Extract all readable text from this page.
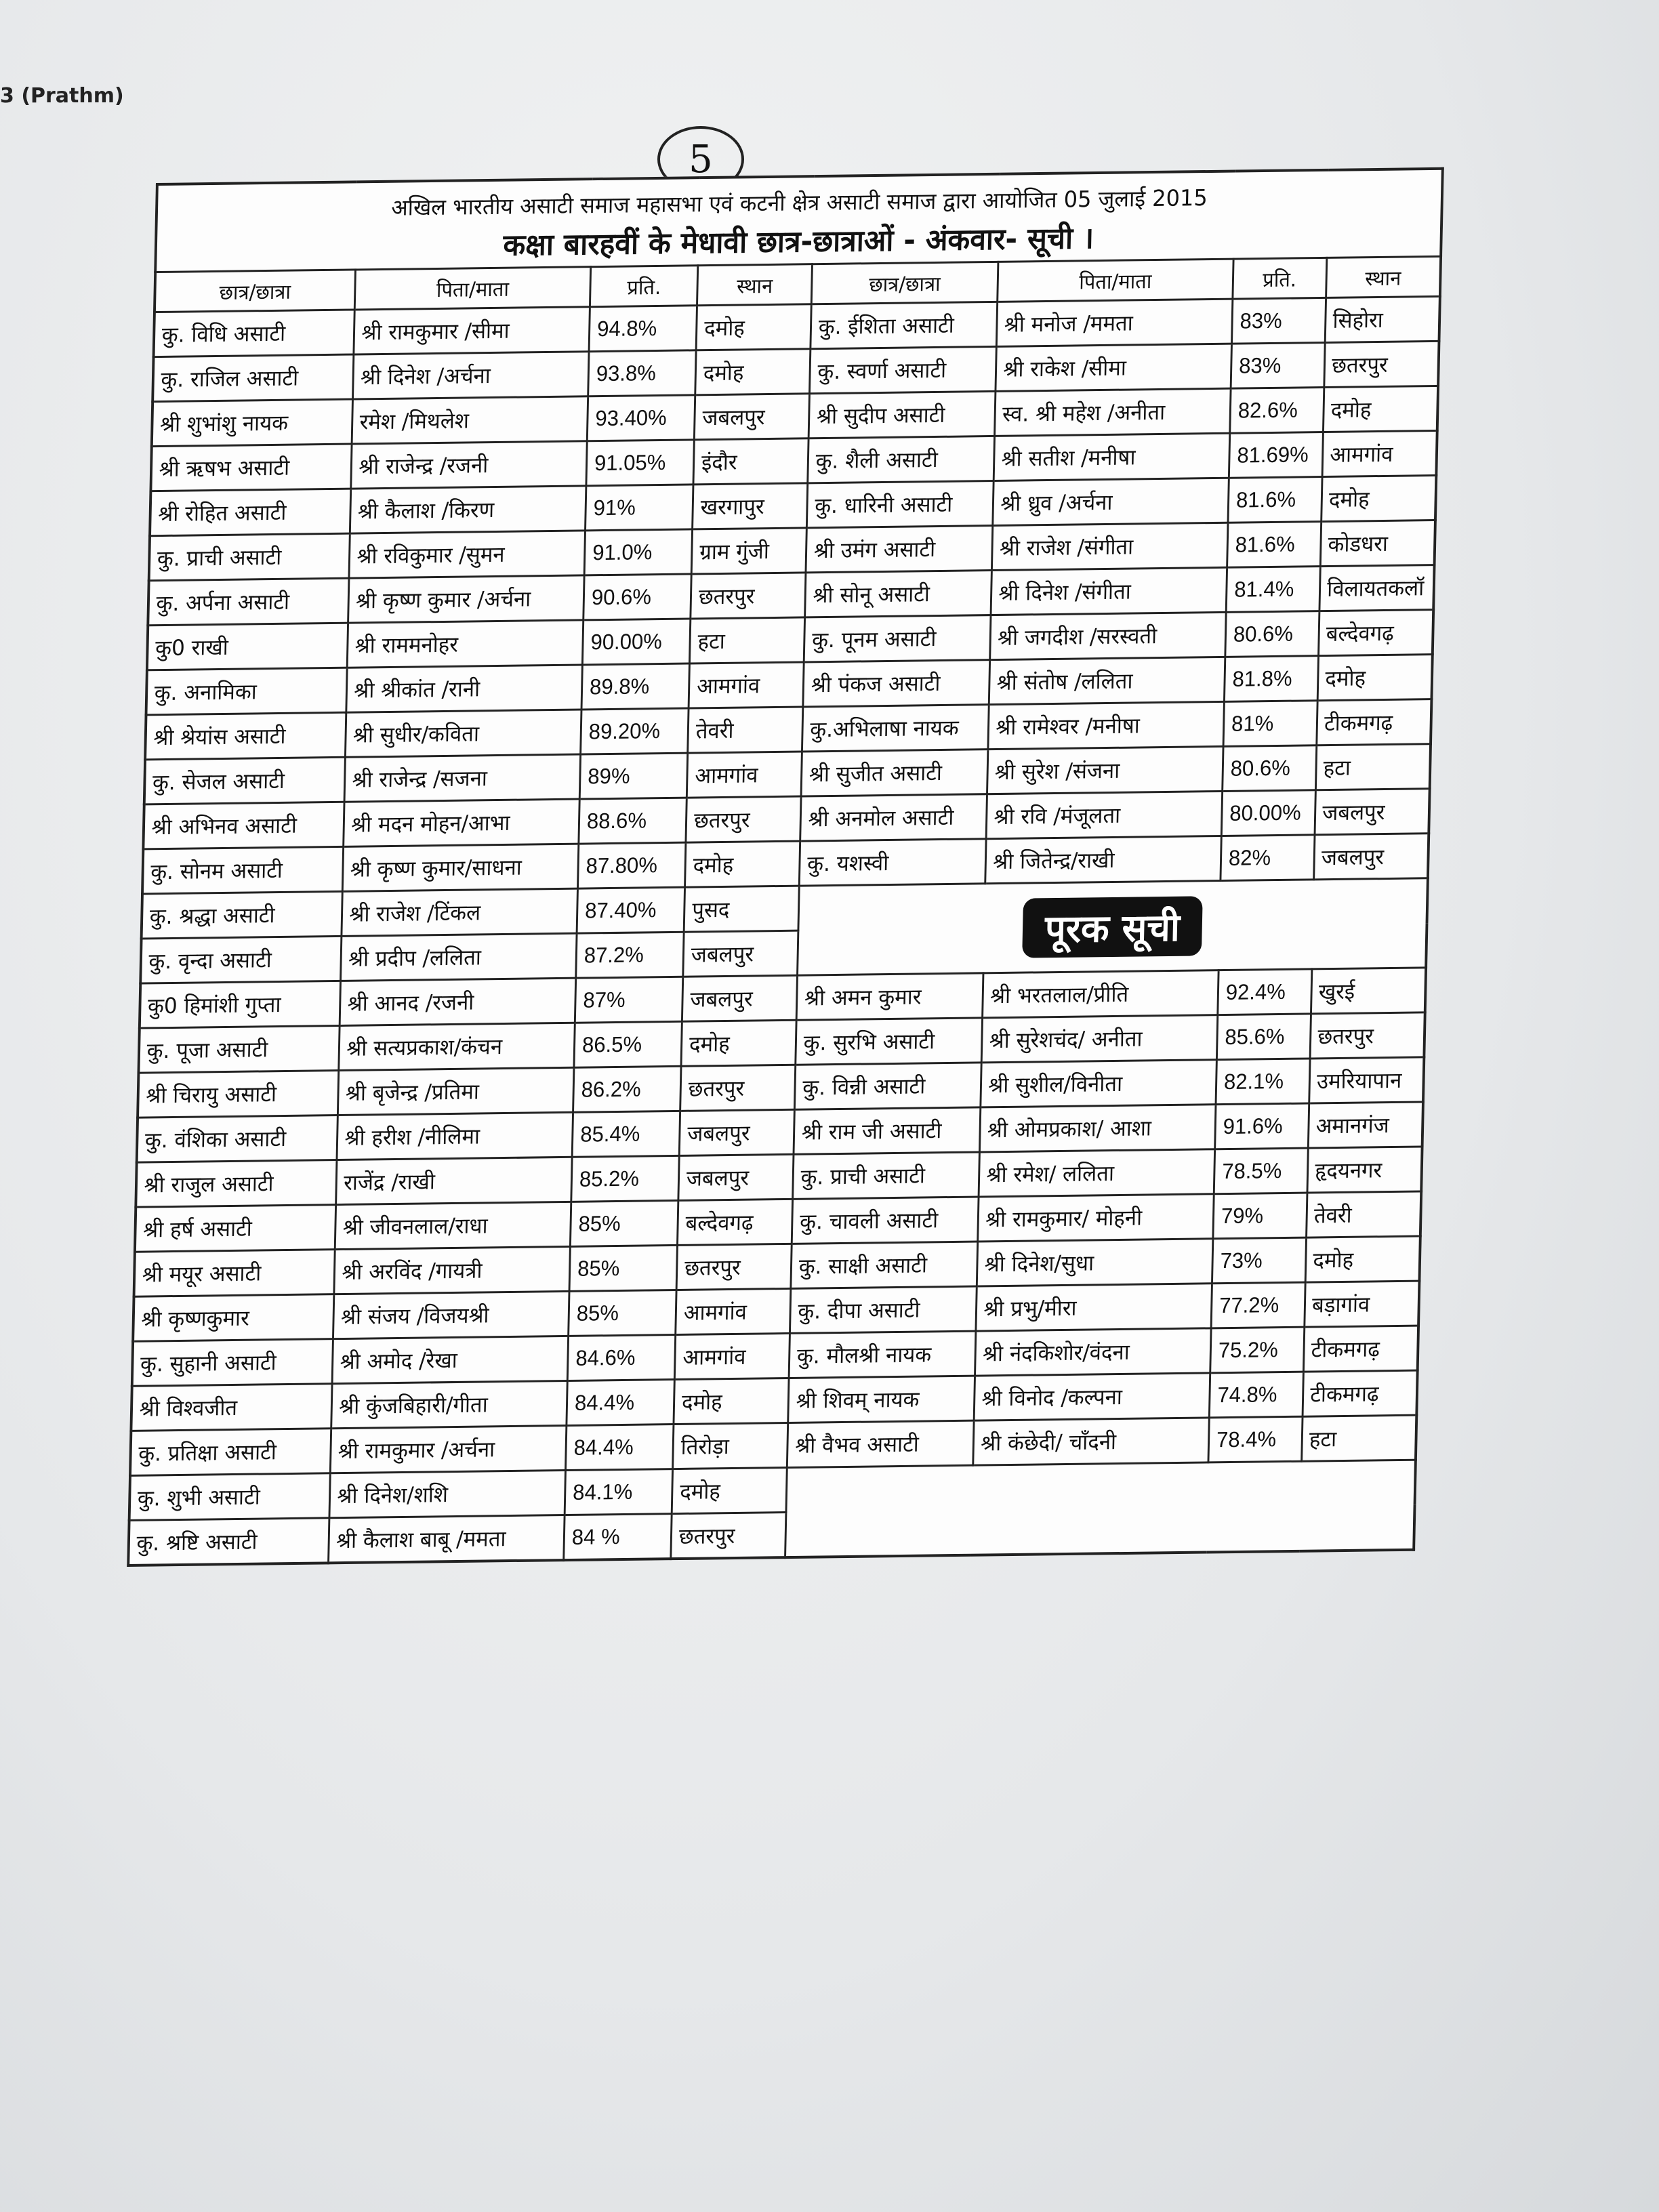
3 (Prathm)
5
अखिल भारतीय असाटी समाज महासभा एवं कटनी क्षेत्र असाटी समाज द्वारा आयोजित 05 जुलाई 2015
कक्षा बारहवीं के मेधावी छात्र-छात्राओं - अंकवार- सूची ।							

छात्र/छात्रा	पिता/माता	प्रति.	स्थान	छात्र/छात्रा	पिता/माता	प्रति.	स्थान
कु. विधि असाटी	श्री रामकुमार /सीमा	94.8%	दमोह	कु. ईशिता असाटी	श्री मनोज /ममता	83%	सिहोरा
कु. राजिल असाटी	श्री दिनेश /अर्चना	93.8%	दमोह	कु. स्वर्णा असाटी	श्री राकेश /सीमा	83%	छतरपुर
श्री शुभांशु नायक	रमेश /मिथलेश	93.40%	जबलपुर	श्री सुदीप असाटी	स्व. श्री महेश /अनीता	82.6%	दमोह
श्री ऋषभ असाटी	श्री राजेन्द्र /रजनी	91.05%	इंदौर	कु. शैली असाटी	श्री सतीश /मनीषा	81.69%	आमगांव
श्री रोहित असाटी	श्री कैलाश /किरण	91%	खरगापुर	कु. धारिनी असाटी	श्री ध्रुव /अर्चना	81.6%	दमोह
कु. प्राची असाटी	श्री रविकुमार /सुमन	91.0%	ग्राम गुंजी	श्री उमंग असाटी	श्री राजेश /संगीता	81.6%	कोडधरा
कु. अर्पना असाटी	श्री कृष्ण कुमार /अर्चना	90.6%	छतरपुर	श्री सोनू असाटी	श्री दिनेश /संगीता	81.4%	विलायतकलॉ
कु0 राखी	श्री राममनोहर	90.00%	हटा	कु. पूनम असाटी	श्री जगदीश /सरस्वती	80.6%	बल्देवगढ़
कु. अनामिका	श्री श्रीकांत /रानी	89.8%	आमगांव	श्री पंकज असाटी	श्री संतोष /ललिता	81.8%	दमोह
श्री श्रेयांस असाटी	श्री सुधीर/कविता	89.20%	तेवरी	कु.अभिलाषा नायक	श्री रामेश्वर /मनीषा	81%	टीकमगढ़
कु. सेजल असाटी	श्री राजेन्द्र /सजना	89%	आमगांव	श्री सुजीत असाटी	श्री सुरेश /संजना	80.6%	हटा
श्री अभिनव असाटी	श्री मदन मोहन/आभा	88.6%	छतरपुर	श्री अनमोल असाटी	श्री रवि /मंजूलता	80.00%	जबलपुर
कु. सोनम असाटी	श्री कृष्ण कुमार/साधना	87.80%	दमोह	कु. यशस्वी	श्री जितेन्द्र/राखी	82%	जबलपुर
कु. श्रद्धा असाटी	श्री राजेश /टिंकल	87.40%	पुसद	पूरक सूची			
कु. वृन्दा असाटी	श्री प्रदीप /ललिता	87.2%	जबलपुर				
कु0 हिमांशी गुप्ता	श्री आनद /रजनी	87%	जबलपुर	श्री अमन कुमार	श्री भरतलाल/प्रीति	92.4%	खुरई
कु. पूजा असाटी	श्री सत्यप्रकाश/कंचन	86.5%	दमोह	कु. सुरभि असाटी	श्री सुरेशचंद/ अनीता	85.6%	छतरपुर
श्री चिरायु असाटी	श्री बृजेन्द्र /प्रतिमा	86.2%	छतरपुर	कु. विन्नी असाटी	श्री सुशील/विनीता	82.1%	उमरियापान
कु. वंशिका असाटी	श्री हरीश /नीलिमा	85.4%	जबलपुर	श्री राम जी असाटी	श्री ओमप्रकाश/ आशा	91.6%	अमानगंज
श्री राजुल असाटी	राजेंद्र /राखी	85.2%	जबलपुर	कु. प्राची असाटी	श्री रमेश/ ललिता	78.5%	हृदयनगर
श्री हर्ष असाटी	श्री जीवनलाल/राधा	85%	बल्देवगढ़	कु. चावली असाटी	श्री रामकुमार/ मोहनी	79%	तेवरी
श्री मयूर असाटी	श्री अरविंद /गायत्री	85%	छतरपुर	कु. साक्षी असाटी	श्री दिनेश/सुधा	73%	दमोह
श्री कृष्णकुमार	श्री संजय /विजयश्री	85%	आमगांव	कु. दीपा असाटी	श्री प्रभु/मीरा	77.2%	बड़ागांव
कु. सुहानी असाटी	श्री अमोद /रेखा	84.6%	आमगांव	कु. मौलश्री नायक	श्री नंदकिशोर/वंदना	75.2%	टीकमगढ़
श्री विश्वजीत	श्री कुंजबिहारी/गीता	84.4%	दमोह	श्री शिवम् नायक	श्री विनोद /कल्पना	74.8%	टीकमगढ़
कु. प्रतिक्षा असाटी	श्री रामकुमार /अर्चना	84.4%	तिरोड़ा	श्री वैभव असाटी	श्री कंछेदी/ चाँदनी	78.4%	हटा
कु. शुभी असाटी	श्री दिनेश/शशि	84.1%	दमोह				
कु. श्रष्टि असाटी	श्री कैलाश बाबू /ममता	84 %	छतरपुर				
